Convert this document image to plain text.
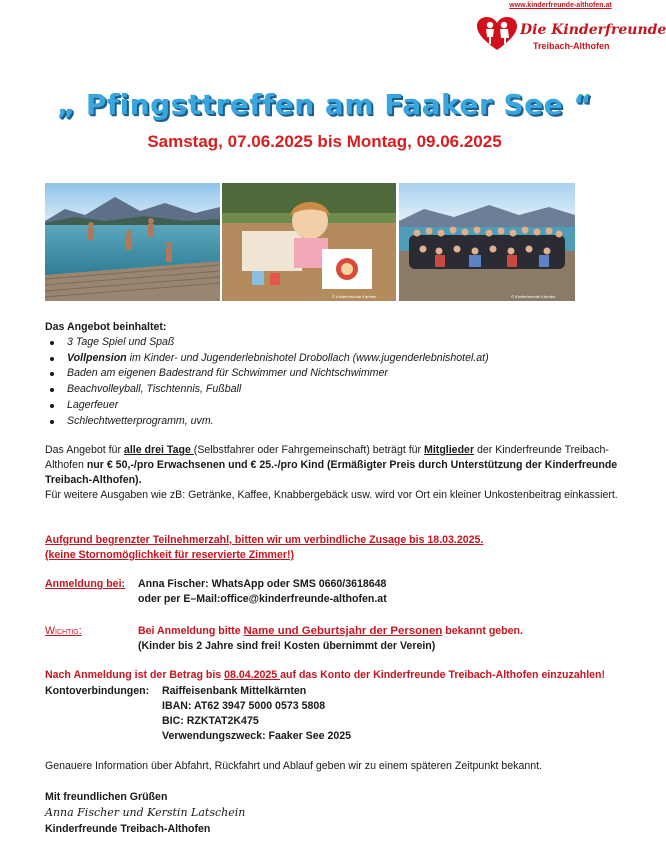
www.kinderfreunde-althofen.at
Die Kinderfreunde
Treibach-Althofen
„ Pfingsttreffen am Faaker See “
Samstag, 07.06.2025 bis Montag, 09.06.2025
© Kinderfreunde Kärnten	© Kinderfreunde Kärnten
Das Angebot beinhaltet:
3 Tage Spiel und Spaß
Vollpension im Kinder- und Jugenderlebnishotel Drobollach (www.jugenderlebnishotel.at)
Baden am eigenen Badestrand für Schwimmer und Nichtschwimmer
Beachvolleyball, Tischtennis, Fußball
Lagerfeuer
Schlechtwetterprogramm, uvm.
Das Angebot für alle drei Tage (Selbstfahrer oder Fahrgemeinschaft) beträgt für Mitglieder der Kinderfreunde Treibach-Althofen nur € 50,-/pro Erwachsenen und € 25.-/pro Kind (Ermäßigter Preis durch Unterstützung der Kinderfreunde Treibach-Althofen).
Für weitere Ausgaben wie zB: Getränke, Kaffee, Knabbergebäck usw. wird vor Ort ein kleiner Unkostenbeitrag einkassiert.
Aufgrund begrenzter Teilnehmerzahl, bitten wir um verbindliche Zusage bis 18.03.2025.
(keine Stornomöglichkeit für reservierte Zimmer!)
Anmeldung bei: Anna Fischer: WhatsApp oder SMS 0660/3618648
oder per E–Mail:office@kinderfreunde-althofen.at
Wichtig:	Bei Anmeldung bitte Name und Geburtsjahr der Personen bekannt geben.
(Kinder bis 2 Jahre sind frei! Kosten übernimmt der Verein)
Nach Anmeldung ist der Betrag bis 08.04.2025 auf das Konto der Kinderfreunde Treibach-Althofen einzuzahlen!
Kontoverbindungen: Raiffeisenbank Mittelkärnten
IBAN: AT62 3947 5000 0573 5808
BIC: RZKTAT2K475
Verwendungszweck: Faaker See 2025
Genauere Information über Abfahrt, Rückfahrt und Ablauf geben wir zu einem späteren Zeitpunkt bekannt.
Mit freundlichen Grüßen
Anna Fischer und Kerstin Latschein
Kinderfreunde Treibach-Althofen
